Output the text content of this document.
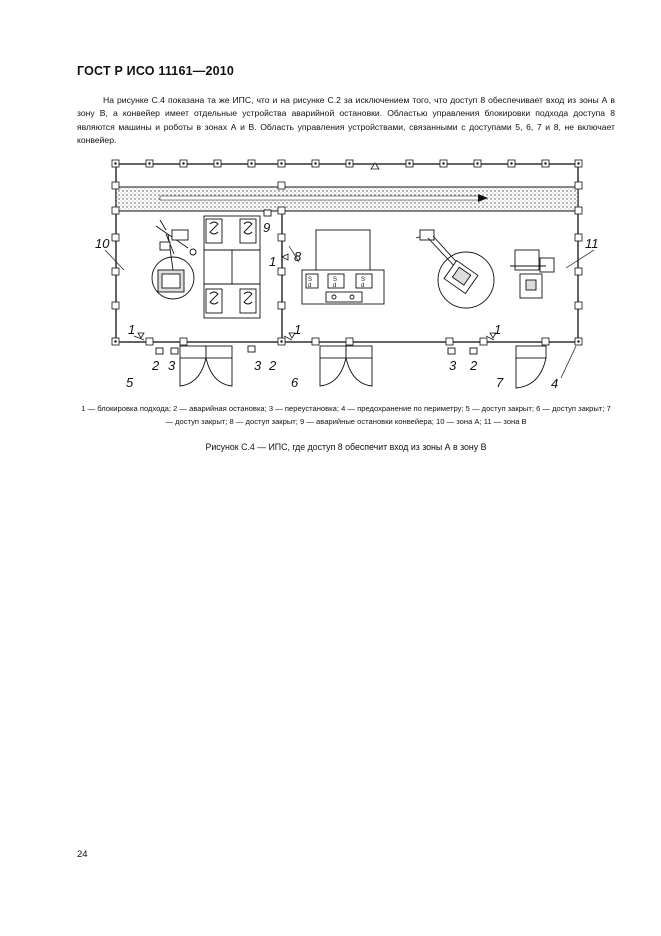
ГОСТ Р ИСО 11161—2010

На рисунке С.4 показана та же ИПС, что и на рисунке С.2 за исключением того, что доступ 8 обеспечивает вход из зоны А в зону В, а конвейер имеет отдельные устройства аварийной остановки. Областью управления блокировки подхода доступа 8 являются машины и роботы в зонах А и В. Область управления устройствами, связанными с доступами 5, 6, 7 и 8, не включает конвейер.

10	11
9
8
1
1	1	1
2 3	3 2	3 2
5	6	7	4
S
d
S
d
S
d

1 — блокировка подхода; 2 — аварийная остановка; 3 — переустановка; 4 — предохранение по периметру; 5 — доступ закрыт; 6 — доступ закрыт; 7 — доступ закрыт; 8 — доступ закрыт; 9 — аварийные остановки конвейера; 10 — зона А; 11 — зона В

Рисунок С.4 — ИПС, где доступ 8 обеспечит вход из зоны А в зону В
24
